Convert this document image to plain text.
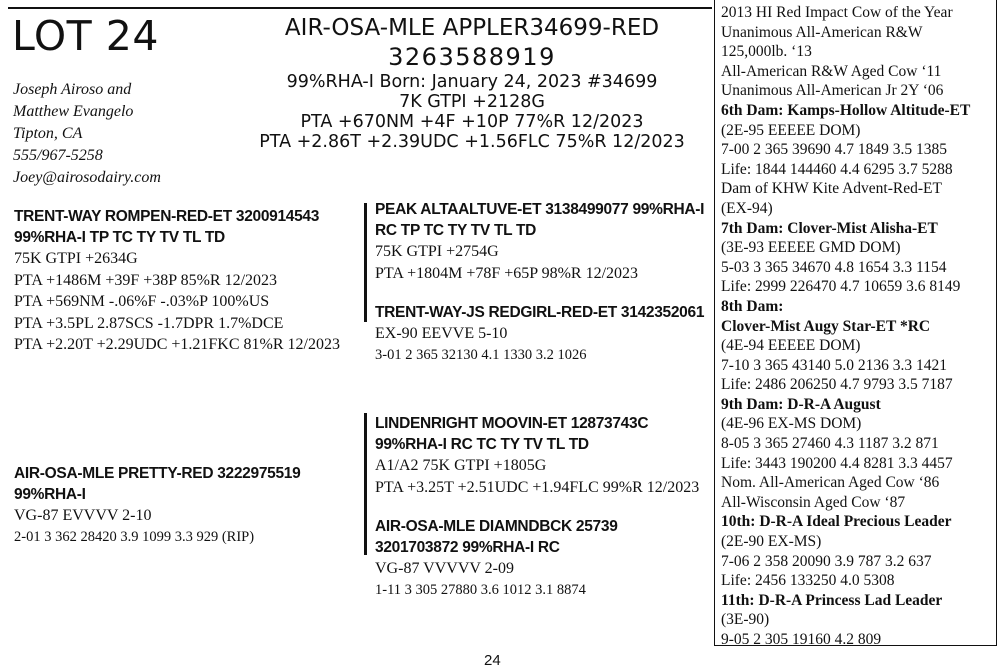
LOT 24
Joseph Airoso and
Matthew Evangelo
Tipton, CA
555/967-5258
Joey@airosodairy.com
AIR-OSA-MLE APPLER34699-RED
3263588919
99%RHA-I Born: January 24, 2023 #34699
7K GTPI +2128G
PTA +670NM +4F +10P 77%R 12/2023
PTA +2.86T +2.39UDC +1.56FLC 75%R 12/2023
TRENT-WAY ROMPEN-RED-ET 3200914543
99%RHA-I TP TC TY TV TL TD
75K GTPI +2634G
PTA +1486M +39F +38P 85%R 12/2023
PTA +569NM -.06%F -.03%P 100%US
PTA +3.5PL 2.87SCS -1.7DPR 1.7%DCE
PTA +2.20T +2.29UDC +1.21FKC 81%R 12/2023
PEAK ALTAALTUVE-ET 3138499077 99%RHA-I
RC TP TC TY TV TL TD
75K GTPI +2754G
PTA +1804M +78F +65P 98%R 12/2023
TRENT-WAY-JS REDGIRL-RED-ET 3142352061
EX-90 EEVVE 5-10
3-01 2 365 32130 4.1 1330 3.2 1026
AIR-OSA-MLE PRETTY-RED 3222975519
99%RHA-I
VG-87 EVVVV 2-10
2-01 3 362 28420 3.9 1099 3.3 929 (RIP)
LINDENRIGHT MOOVIN-ET 12873743C
99%RHA-I RC TC TY TV TL TD
A1/A2 75K GTPI +1805G
PTA +3.25T +2.51UDC +1.94FLC 99%R 12/2023
AIR-OSA-MLE DIAMNDBCK 25739
3201703872 99%RHA-I RC
VG-87 VVVVV 2-09
1-11 3 305 27880 3.6 1012 3.1 8874
2013 HI Red Impact Cow of the Year
Unanimous All-American R&W
125,000lb. ‘13
All-American R&W Aged Cow ‘11
Unanimous All-American Jr 2Y ‘06
6th Dam: Kamps-Hollow Altitude-ET
(2E-95 EEEEE DOM)
7-00 2 365 39690 4.7 1849 3.5 1385
Life: 1844 144460 4.4 6295 3.7 5288
Dam of KHW Kite Advent-Red-ET
(EX-94)
7th Dam: Clover-Mist Alisha-ET
(3E-93 EEEEE GMD DOM)
5-03 3 365 34670 4.8 1654 3.3 1154
Life: 2999 226470 4.7 10659 3.6 8149
8th Dam:
Clover-Mist Augy Star-ET *RC
(4E-94 EEEEE DOM)
7-10 3 365 43140 5.0 2136 3.3 1421
Life: 2486 206250 4.7 9793 3.5 7187
9th Dam: D-R-A August
(4E-96 EX-MS DOM)
8-05 3 365 27460 4.3 1187 3.2 871
Life: 3443 190200 4.4 8281 3.3 4457
Nom. All-American Aged Cow ‘86
All-Wisconsin Aged Cow ‘87
10th: D-R-A Ideal Precious Leader
(2E-90 EX-MS)
7-06 2 358 20090 3.9 787 3.2 637
Life: 2456 133250 4.0 5308
11th: D-R-A Princess Lad Leader
(3E-90)
9-05 2 305 19160 4.2 809
24
